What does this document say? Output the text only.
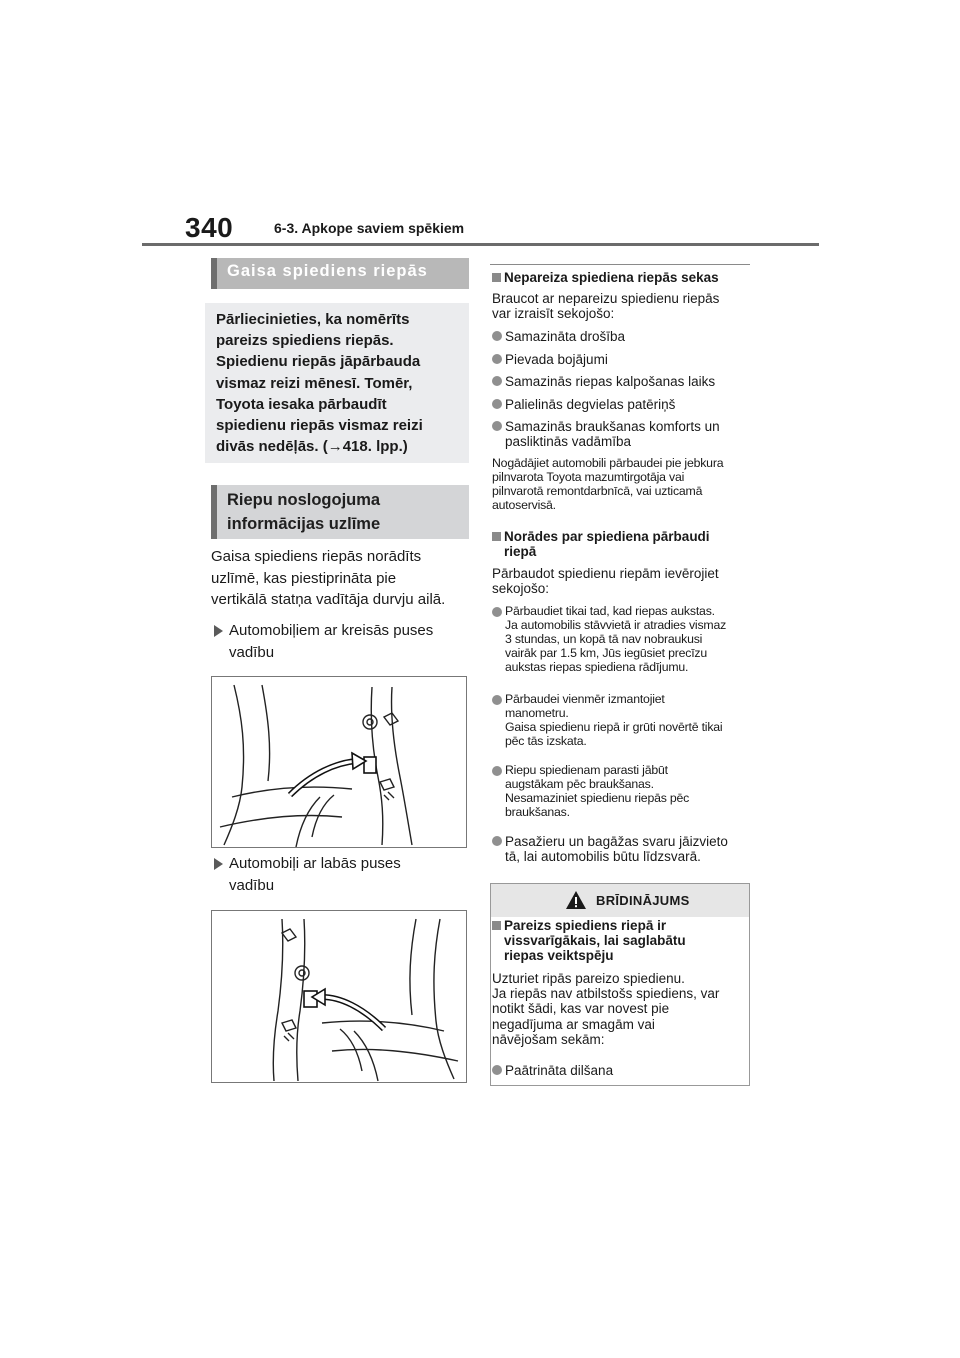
340	6-3. Apkope saviem spēkiem
Gaisa spiediens riepās
Pārliecinieties, ka nomērīts
pareizs spiediens riepās.
Spiedienu riepās jāpārbauda
vismaz reizi mēnesī. Tomēr,
Toyota iesaka pārbaudīt
spiedienu riepās vismaz reizi
divās nedēļās. (→418. lpp.)
Riepu noslogojuma
informācijas uzlīme
Gaisa spiediens riepās norādīts
uzlīmē, kas piestiprināta pie
vertikālā statņa vadītāja durvju ailā.
Automobiļiem ar kreisās puses
vadību
Automobiļi ar labās puses
vadību
Nepareiza spiediena riepās sekas
Braucot ar nepareizu spiedienu riepās
var izraisīt sekojošo:
Samazināta drošība
Pievada bojājumi
Samazinās riepas kalpošanas laiks
Palielinās degvielas patēriņš
Samazinās braukšanas komforts un
pasliktinās vadāmība
Nogādājiet automobili pārbaudei pie jebkura
pilnvarota Toyota mazumtirgotāja vai
pilnvarotā remontdarbnīcā, vai uzticamā
autoservisā.
Norādes par spiediena pārbaudi
riepā
Pārbaudot spiedienu riepām ievērojiet
sekojošo:
Pārbaudiet tikai tad, kad riepas aukstas.
Ja automobilis stāvvietā ir atradies vismaz
3 stundas, un kopā tā nav nobraukusi
vairāk par 1.5 km, Jūs iegūsiet precīzu
aukstas riepas spiediena rādījumu.
Pārbaudei vienmēr izmantojiet
manometru.
Gaisa spiedienu riepā ir grūti novērtē tikai
pēc tās izskata.
Riepu spiedienam parasti jābūt
augstākam pēc braukšanas.
Nesamaziniet spiedienu riepās pēc
braukšanas.
Pasažieru un bagāžas svaru jāizvieto
tā, lai automobilis būtu līdzsvarā.
BRĪDINĀJUMS
Pareizs spiediens riepā ir
vissvarīgākais, lai saglabātu
riepas veiktspēju
Uzturiet ripās pareizo spiedienu.
Ja riepās nav atbilstošs spiediens, var
notikt šādi, kas var novest pie
negadījuma ar smagām vai
nāvējošam sekām:
Paātrināta dilšana
